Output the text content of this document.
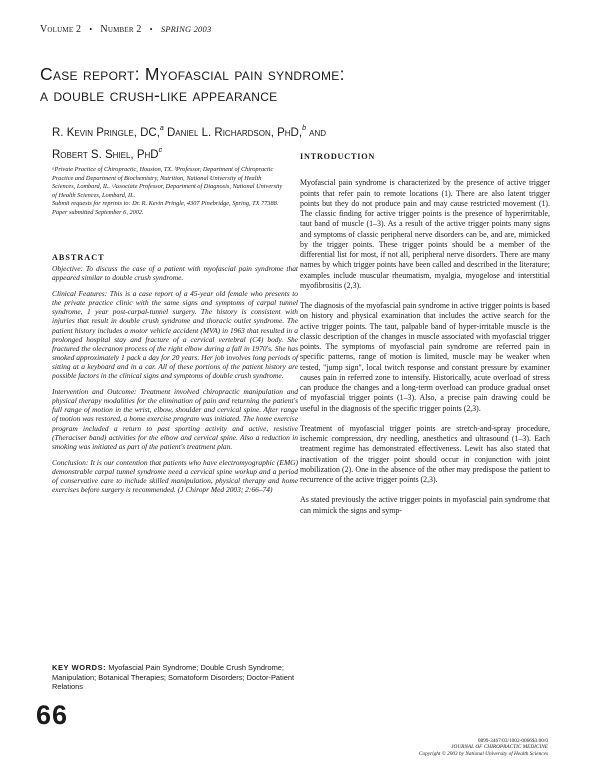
Volume 2 • Number 2 • SPRING 2003
Case report: Myofascial pain syndrome:
a double crush-like appearance
R. Kevin Pringle, DC,$^a$ Daniel L. Richardson, PhD,$^b$ and
Robert S. Shiel, PhD$^c$
ᵃPrivate Practice of Chiropractic, Houston, TX. ᵇProfessor, Department of Chiropractic Practice and Department of Biochemistry, Nutrition, National University of Health Sciences, Lombard, IL. ᶜAssociate Professor, Department of Diagnosis, National University of Health Sciences, Lombard, IL.
Submit requests for reprints to: Dr. R. Kevin Pringle, 4307 Pinebridge, Spring, TX 77388.
Paper submitted September 6, 2002.
ABSTRACT

Objective: To discuss the case of a patient with myofascial pain syndrome that appeared similar to double crush syndrome.

Clinical Features: This is a case report of a 45-year old female who presents to the private practice clinic with the same signs and symptoms of carpal tunnel syndrome, 1 year post-carpal-tunnel surgery. The history is consistent with injuries that result in double crush syndrome and thoracic outlet syndrome. The patient history includes a motor vehicle accident (MVA) in 1963 that resulted in a prolonged hospital stay and fracture of a cervical vertebral (C4) body. She fractured the olecranon process of the right elbow during a fall in 1970's. She has smoked approximately 1 pack a day for 20 years. Her job involves long periods of sitting at a keyboard and in a car. All of these portions of the patient history are possible factors in the clinical signs and symptoms of double crush syndrome.

Intervention and Outcome: Treatment involved chiropractic manipulation and physical therapy modalities for the elimination of pain and returning the patient's full range of motion in the wrist, elbow, shoulder and cervical spine. After range of motion was restored, a home exercise program was initiated. The home exercise program included a return to past sporting activity and active, resistive (Theraciser band) activities for the elbow and cervical spine. Also a reduction in smoking was initiated as part of the patient's treatment plan.

Conclusion: It is our contention that patients who have electromyographic (EMG) demonstrable carpal tunnel syndrome need a cervical spine workup and a period of conservative care to include skilled manipulation, physical therapy and home exercises before surgery is recommended. (J Chiropr Med 2003; 2:66–74)

KEY WORDS: Myofascial Pain Syndrome; Double Crush Syndrome; Manipulation; Botanical Therapies; Somatoform Disorders; Doctor-Patient Relations
66
INTRODUCTION

Myofascial pain syndrome is characterized by the presence of active trigger points that refer pain to remote locations (1). There are also latent trigger points but they do not produce pain and may cause restricted movement (1). The classic finding for active trigger points is the presence of hyperirritable, taut band of muscle (1–3). As a result of the active trigger points many signs and symptoms of classic peripheral nerve disorders can be, and are, mimicked by the trigger points. These trigger points should be a member of the differential list for most, if not all, peripheral nerve disorders. There are many names by which trigger points have been called and described in the literature; examples include muscular rheumatism, myalgia, myogelose and interstitial myofibrositis (2,3).

The diagnosis of the myofascial pain syndrome in active trigger points is based on history and physical examination that includes the active search for the active trigger points. The taut, palpable band of hyper-irritable muscle is the classic description of the changes in muscle associated with myofascial trigger points. The symptoms of myofascial pain syndrome are referred pain in specific patterns, range of motion is limited, muscle may be weaker when tested, "jump sign", local twitch response and constant pressure by examiner causes pain in referred zone to intensify. Historically, acute overload of stress can produce the changes and a long-term overload can produce gradual onset of myofascial trigger points (1–3). Also, a precise pain drawing could be useful in the diagnosis of the specific trigger points (2,3).

Treatment of myofascial trigger points are stretch-and-spray procedure, ischemic compression, dry needling, anesthetics and ultrasound (1–3). Each treatment regime has demonstrated effectiveness. Lewit has also stated that inactivation of the trigger point should occur in conjunction with joint mobilization (2). One in the absence of the other may predispose the patient to recurrence of the active trigger points (2,3).

As stated previously the active trigger points in myofascial pain syndrome that can mimick the signs and symp-

0899-3467/03/1002-0066$3.00/0
JOURNAL OF CHIROPRACTIC MEDICINE
Copyright © 2003 by National University of Health Sciences
